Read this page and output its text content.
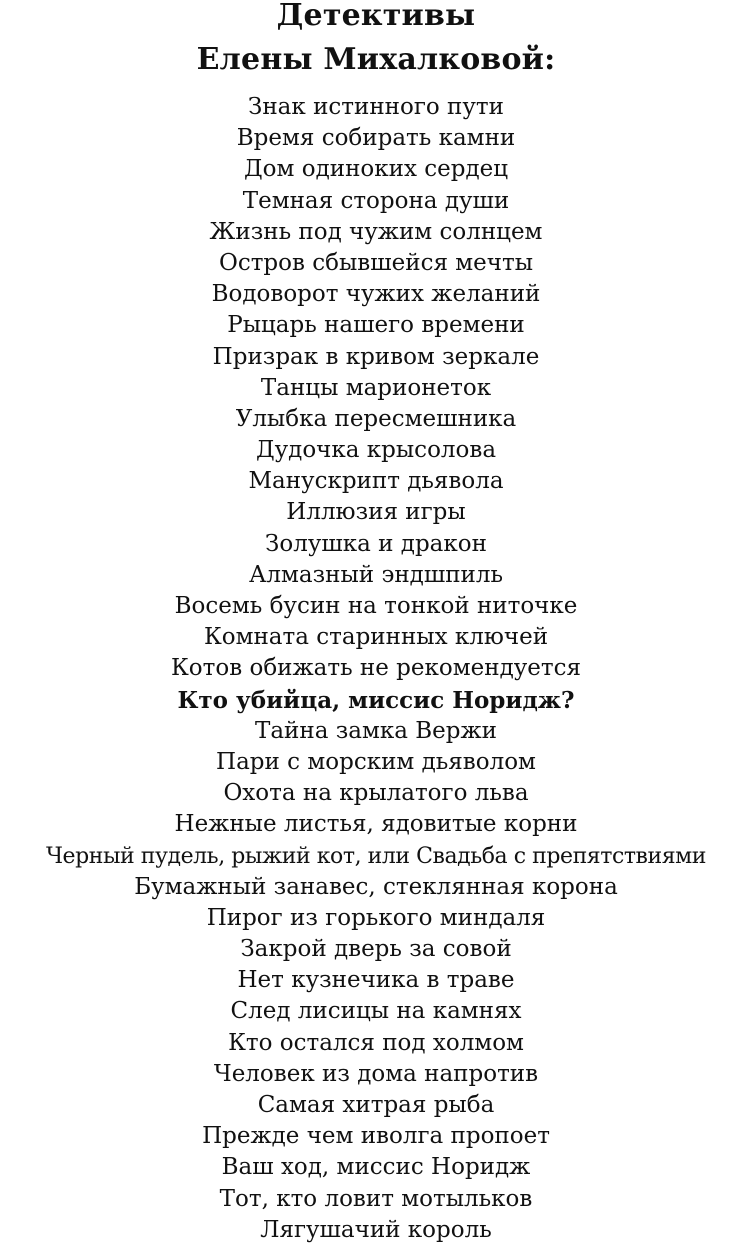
Детективы
Елены Михалковой:
Знак истинного пути
Время собирать камни
Дом одиноких сердец
Темная сторона души
Жизнь под чужим солнцем
Остров сбывшейся мечты
Водоворот чужих желаний
Рыцарь нашего времени
Призрак в кривом зеркале
Танцы марионеток
Улыбка пересмешника
Дудочка крысолова
Манускрипт дьявола
Иллюзия игры
Золушка и дракон
Алмазный эндшпиль
Восемь бусин на тонкой ниточке
Комната старинных ключей
Котов обижать не рекомендуется
Кто убийца, миссис Норидж?
Тайна замка Вержи
Пари с морским дьяволом
Охота на крылатого льва
Нежные листья, ядовитые корни
Черный пудель, рыжий кот, или Свадьба с препятствиями
Бумажный занавес, стеклянная корона
Пирог из горького миндаля
Закрой дверь за совой
Нет кузнечика в траве
След лисицы на камнях
Кто остался под холмом
Человек из дома напротив
Самая хитрая рыба
Прежде чем иволга пропоет
Ваш ход, миссис Норидж
Тот, кто ловит мотыльков
Лягушачий король
